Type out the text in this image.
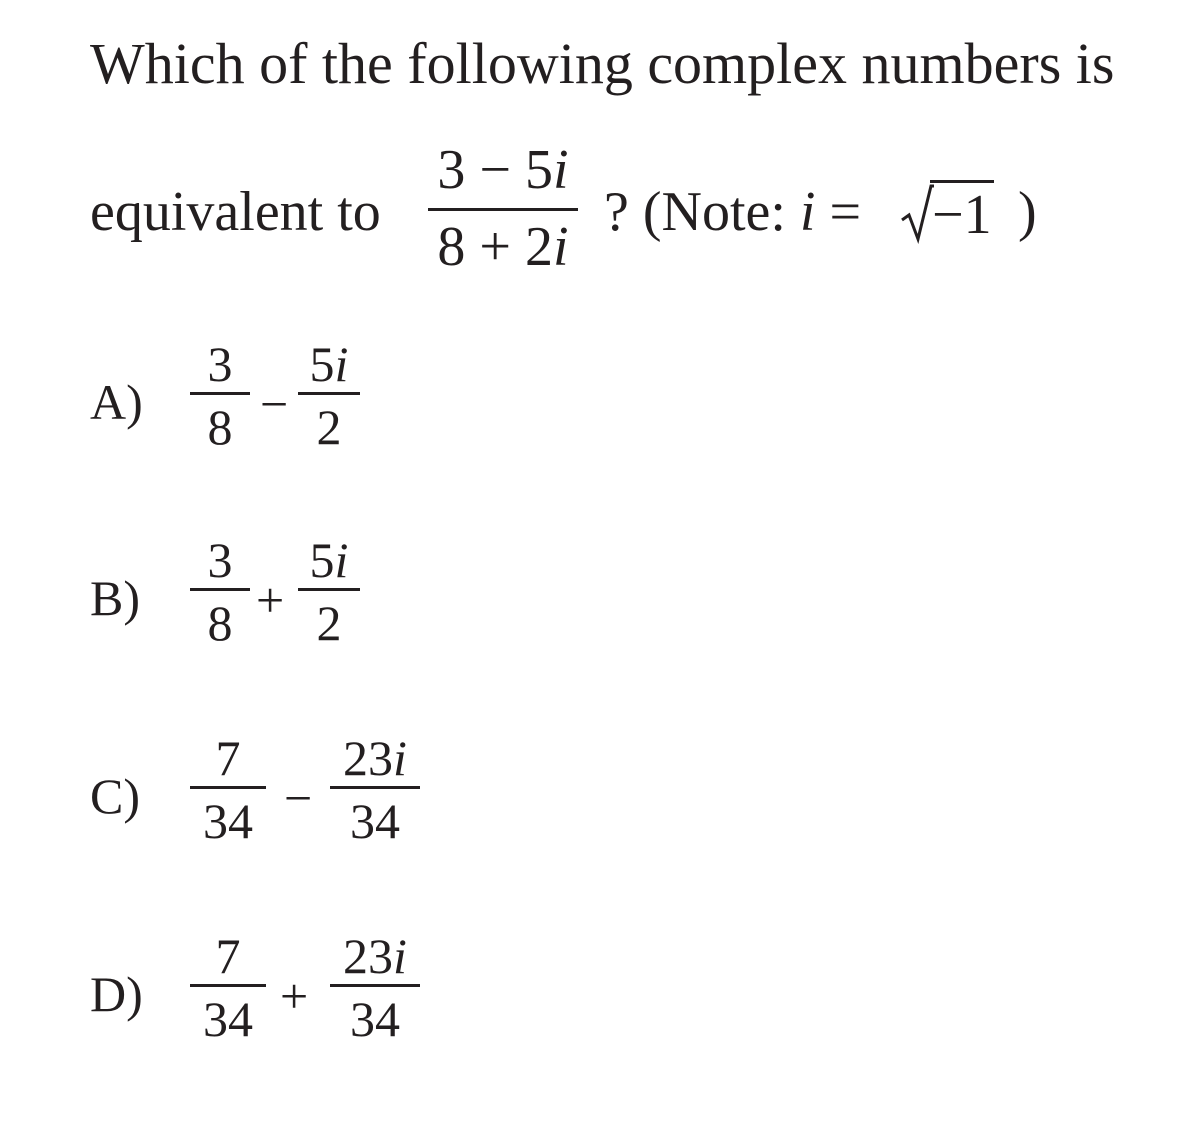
Which of the following complex numbers is
equivalent to
3 − 5i
8 + 2i
? (Note: i = −1 )
A)
3
8 −
5i
2
B)
3
8 +
5i
2
C)
7
34 −
23i
34
D)
7
34 +
23i
34
